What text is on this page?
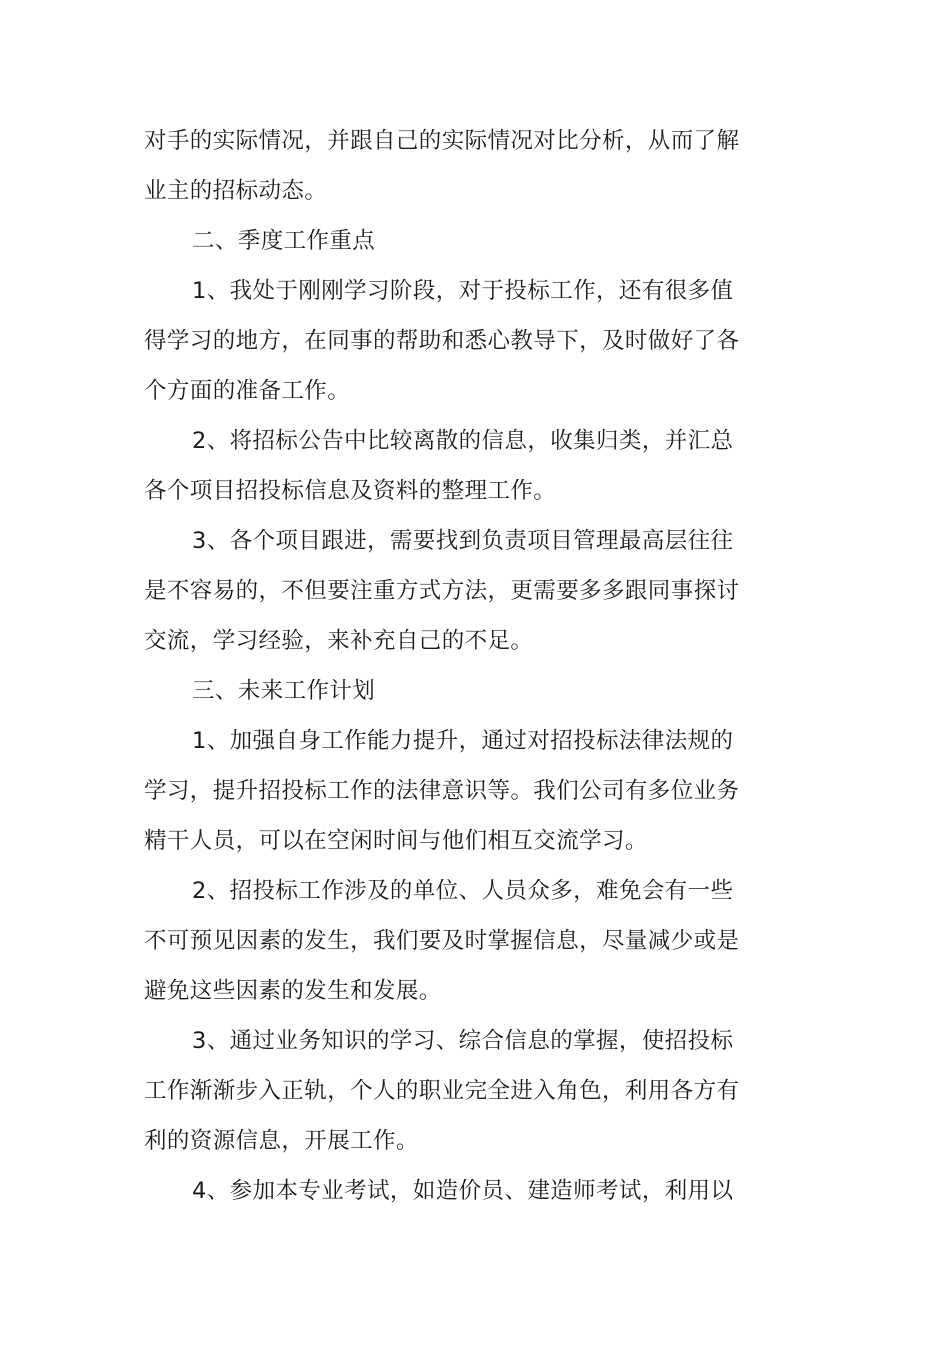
对手的实际情况，并跟自己的实际情况对比分析，从而了解
业主的招标动态。
二、季度工作重点
1、我处于刚刚学习阶段，对于投标工作，还有很多值
得学习的地方，在同事的帮助和悉心教导下，及时做好了各
个方面的准备工作。
2、将招标公告中比较离散的信息，收集归类，并汇总
各个项目招投标信息及资料的整理工作。
3、各个项目跟进，需要找到负责项目管理最高层往往
是不容易的，不但要注重方式方法，更需要多多跟同事探讨
交流，学习经验，来补充自己的不足。
三、未来工作计划
1、加强自身工作能力提升，通过对招投标法律法规的
学习，提升招投标工作的法律意识等。我们公司有多位业务
精干人员，可以在空闲时间与他们相互交流学习。
2、招投标工作涉及的单位、人员众多，难免会有一些
不可预见因素的发生，我们要及时掌握信息，尽量减少或是
避免这些因素的发生和发展。
3、通过业务知识的学习、综合信息的掌握，使招投标
工作渐渐步入正轨，个人的职业完全进入角色，利用各方有
利的资源信息，开展工作。
4、参加本专业考试，如造价员、建造师考试，利用以
